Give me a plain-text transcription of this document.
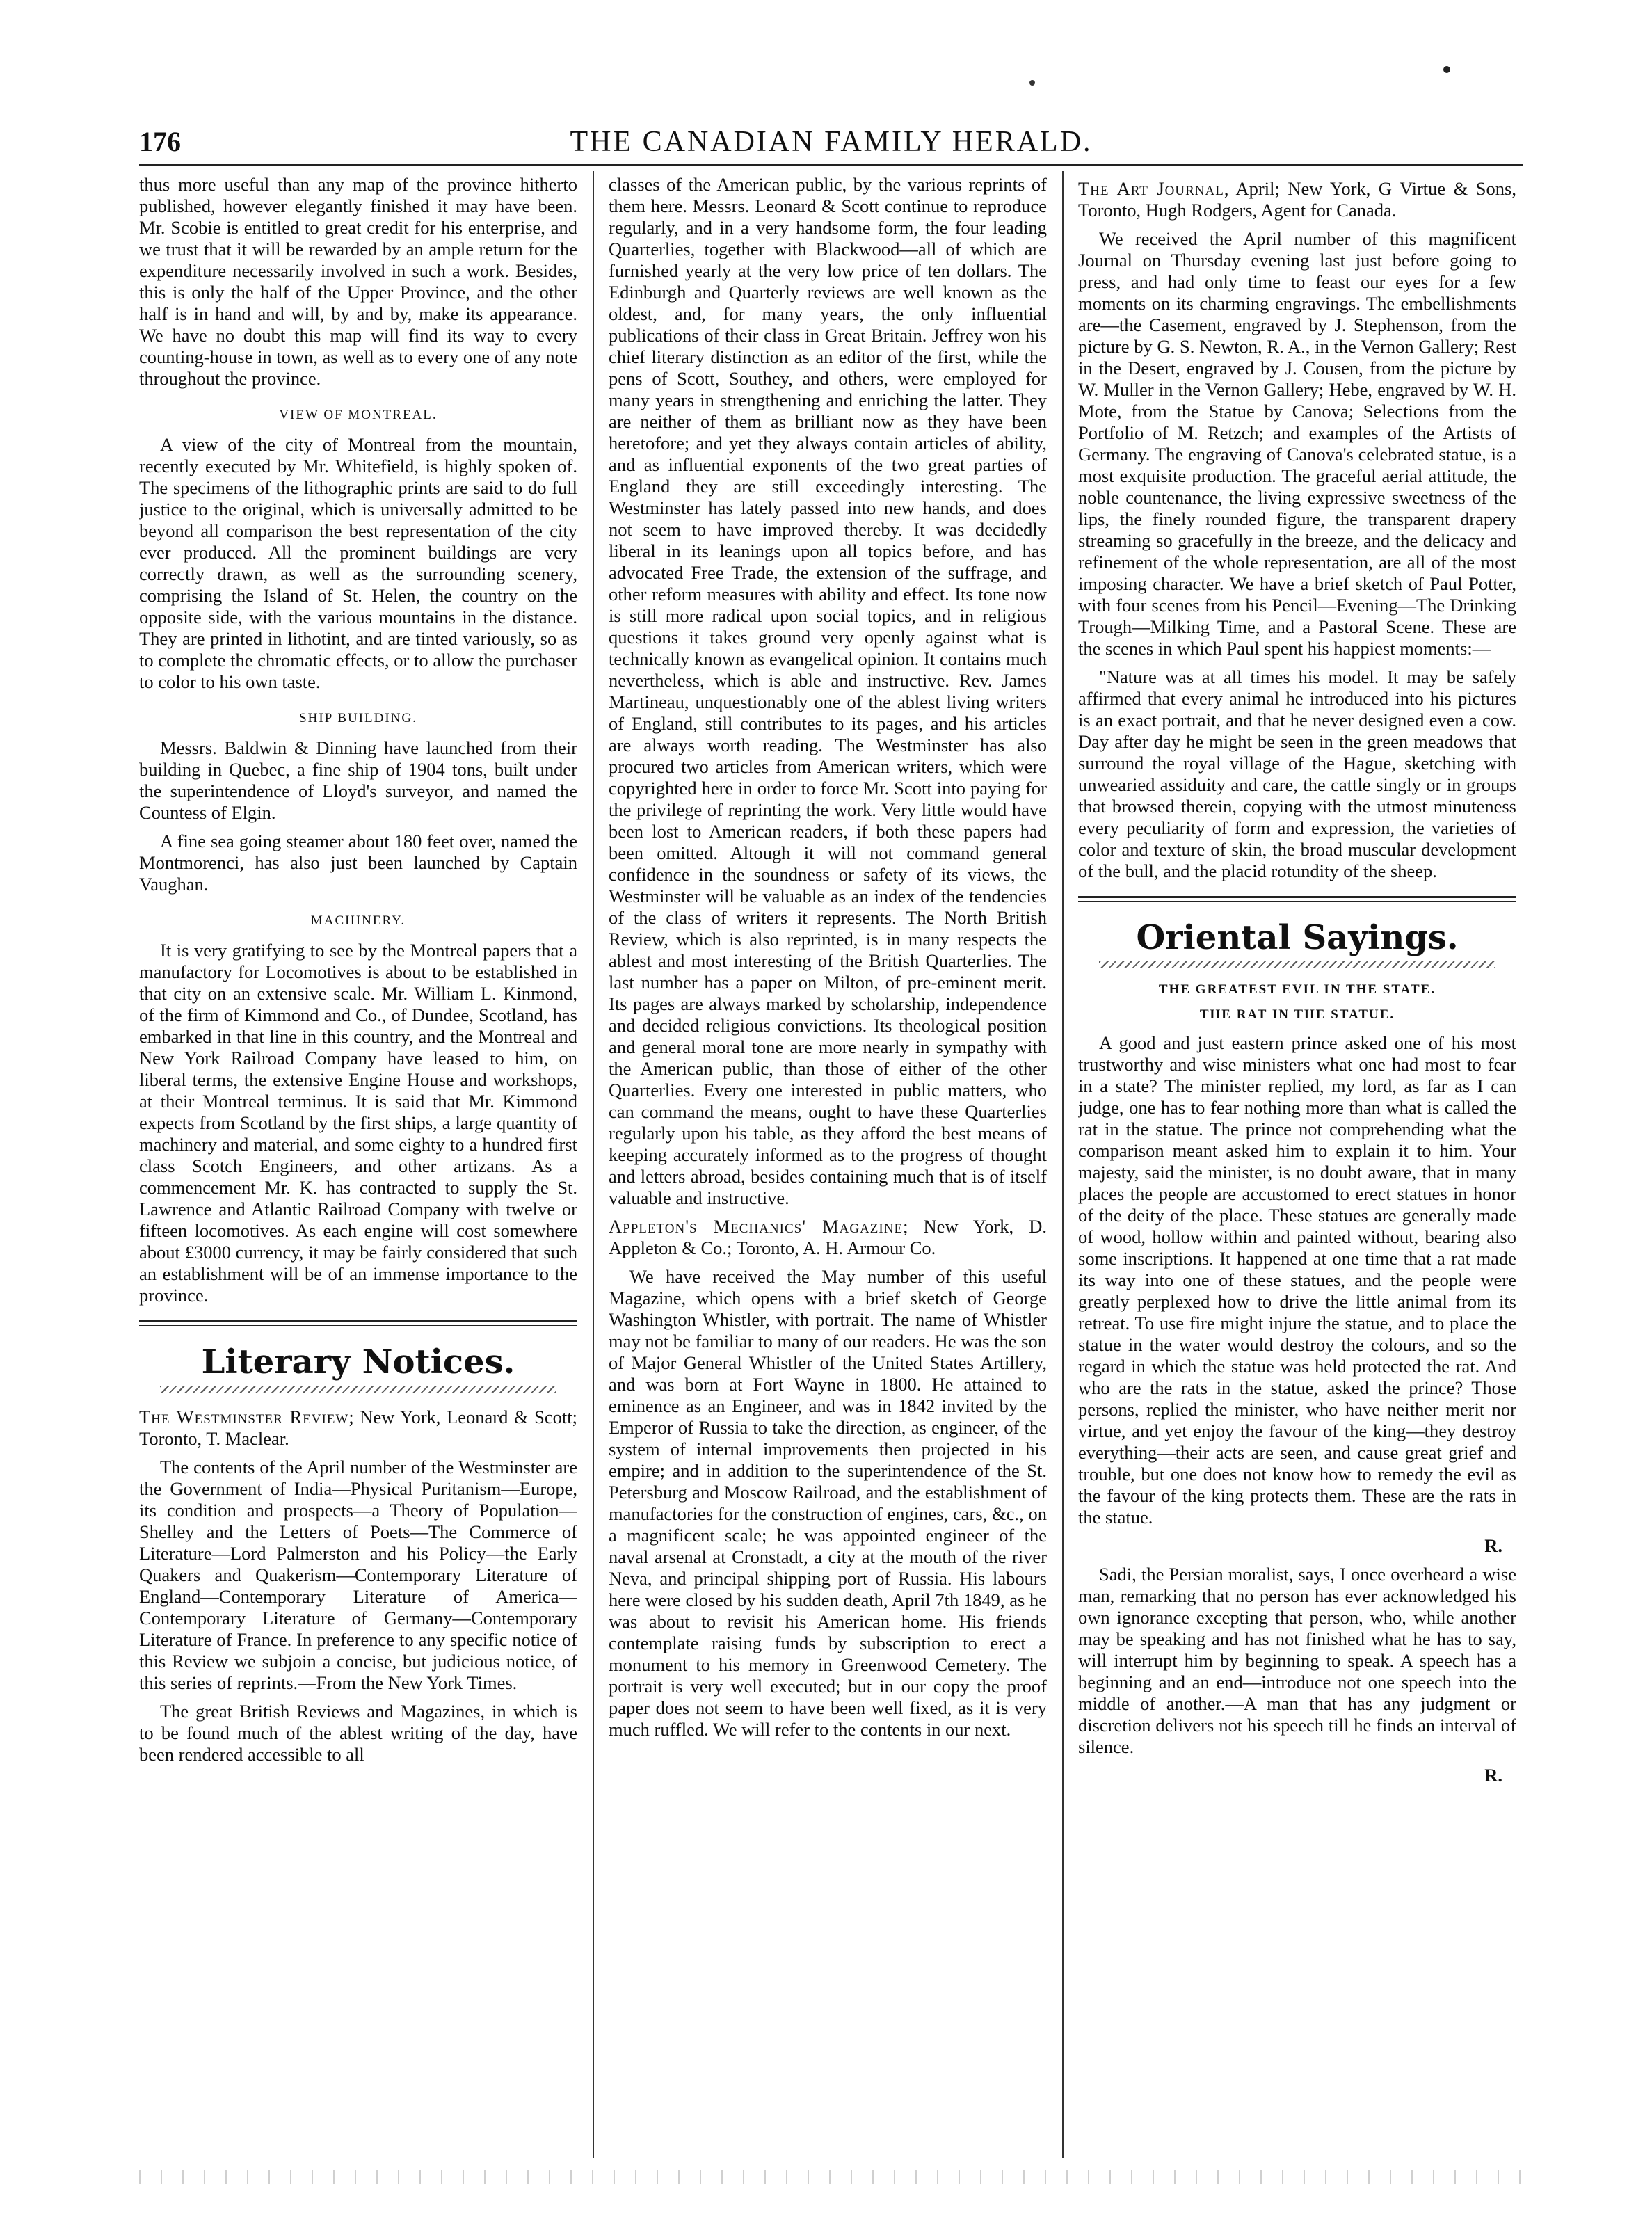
176	THE CANADIAN FAMILY HERALD.

thus more useful than any map of the province hitherto published, however elegantly finished it may have been. Mr. Scobie is entitled to great credit for his enterprise, and we trust that it will be rewarded by an ample return for the expenditure necessarily involved in such a work. Besides, this is only the half of the Upper Province, and the other half is in hand and will, by and by, make its appearance. We have no doubt this map will find its way to every counting-house in town, as well as to every one of any note throughout the province.

VIEW OF MONTREAL.

A view of the city of Montreal from the mountain, recently executed by Mr. Whitefield, is highly spoken of. The specimens of the lithographic prints are said to do full justice to the original, which is universally admitted to be beyond all comparison the best representation of the city ever produced. All the prominent buildings are very correctly drawn, as well as the surrounding scenery, comprising the Island of St. Helen, the country on the opposite side, with the various mountains in the distance. They are printed in lithotint, and are tinted variously, so as to complete the chromatic effects, or to allow the purchaser to color to his own taste.

SHIP BUILDING.

Messrs. Baldwin & Dinning have launched from their building in Quebec, a fine ship of 1904 tons, built under the superintendence of Lloyd's surveyor, and named the Countess of Elgin.

A fine sea going steamer about 180 feet over, named the Montmorenci, has also just been launched by Captain Vaughan.

MACHINERY.

It is very gratifying to see by the Montreal papers that a manufactory for Locomotives is about to be established in that city on an extensive scale. Mr. William L. Kinmond, of the firm of Kimmond and Co., of Dundee, Scotland, has embarked in that line in this country, and the Montreal and New York Railroad Company have leased to him, on liberal terms, the extensive Engine House and workshops, at their Montreal terminus. It is said that Mr. Kimmond expects from Scotland by the first ships, a large quantity of machinery and material, and some eighty to a hundred first class Scotch Engineers, and other artizans. As a commencement Mr. K. has contracted to supply the St. Lawrence and Atlantic Railroad Company with twelve or fifteen locomotives. As each engine will cost somewhere about £3000 currency, it may be fairly considered that such an establishment will be of an immense importance to the province.

Literary Notices.

The Westminster Review; New York, Leonard & Scott; Toronto, T. Maclear.

The contents of the April number of the Westminster are the Government of India—Physical Puritanism—Europe, its condition and prospects—a Theory of Population—Shelley and the Letters of Poets—The Commerce of Literature—Lord Palmerston and his Policy—the Early Quakers and Quakerism—Contemporary Literature of England—Contemporary Literature of America—Contemporary Literature of Germany—Contemporary Literature of France. In preference to any specific notice of this Review we subjoin a concise, but judicious notice, of this series of reprints.—From the New York Times.

The great British Reviews and Magazines, in which is to be found much of the ablest writing of the day, have been rendered accessible to all

classes of the American public, by the various reprints of them here. Messrs. Leonard & Scott continue to reproduce regularly, and in a very handsome form, the four leading Quarterlies, together with Blackwood—all of which are furnished yearly at the very low price of ten dollars. The Edinburgh and Quarterly reviews are well known as the oldest, and, for many years, the only influential publications of their class in Great Britain. Jeffrey won his chief literary distinction as an editor of the first, while the pens of Scott, Southey, and others, were employed for many years in strengthening and enriching the latter. They are neither of them as brilliant now as they have been heretofore; and yet they always contain articles of ability, and as influential exponents of the two great parties of England they are still exceedingly interesting. The Westminster has lately passed into new hands, and does not seem to have improved thereby. It was decidedly liberal in its leanings upon all topics before, and has advocated Free Trade, the extension of the suffrage, and other reform measures with ability and effect. Its tone now is still more radical upon social topics, and in religious questions it takes ground very openly against what is technically known as evangelical opinion. It contains much nevertheless, which is able and instructive. Rev. James Martineau, unquestionably one of the ablest living writers of England, still contributes to its pages, and his articles are always worth reading. The Westminster has also procured two articles from American writers, which were copyrighted here in order to force Mr. Scott into paying for the privilege of reprinting the work. Very little would have been lost to American readers, if both these papers had been omitted. Altough it will not command general confidence in the soundness or safety of its views, the Westminster will be valuable as an index of the tendencies of the class of writers it represents. The North British Review, which is also reprinted, is in many respects the ablest and most interesting of the British Quarterlies. The last number has a paper on Milton, of pre-eminent merit. Its pages are always marked by scholarship, independence and decided religious convictions. Its theological position and general moral tone are more nearly in sympathy with the American public, than those of either of the other Quarterlies. Every one interested in public matters, who can command the means, ought to have these Quarterlies regularly upon his table, as they afford the best means of keeping accurately informed as to the progress of thought and letters abroad, besides containing much that is of itself valuable and instructive.

Appleton's Mechanics' Magazine; New York, D. Appleton & Co.; Toronto, A. H. Armour Co.

We have received the May number of this useful Magazine, which opens with a brief sketch of George Washington Whistler, with portrait. The name of Whistler may not be familiar to many of our readers. He was the son of Major General Whistler of the United States Artillery, and was born at Fort Wayne in 1800. He attained to eminence as an Engineer, and was in 1842 invited by the Emperor of Russia to take the direction, as engineer, of the system of internal improvements then projected in his empire; and in addition to the superintendence of the St. Petersburg and Moscow Railroad, and the establishment of manufactories for the construction of engines, cars, &c., on a magnificent scale; he was appointed engineer of the naval arsenal at Cronstadt, a city at the mouth of the river Neva, and principal shipping port of Russia. His labours here were closed by his sudden death, April 7th 1849, as he was about to revisit his American home. His friends contemplate raising funds by subscription to erect a monument to his memory in Greenwood Cemetery. The portrait is very well executed; but in our copy the proof paper does not seem to have been well fixed, as it is very much ruffled. We will refer to the contents in our next.

The Art Journal, April; New York, G Virtue & Sons, Toronto, Hugh Rodgers, Agent for Canada.

We received the April number of this magnificent Journal on Thursday evening last just before going to press, and had only time to feast our eyes for a few moments on its charming engravings. The embellishments are—the Casement, engraved by J. Stephenson, from the picture by G. S. Newton, R. A., in the Vernon Gallery; Rest in the Desert, engraved by J. Cousen, from the picture by W. Muller in the Vernon Gallery; Hebe, engraved by W. H. Mote, from the Statue by Canova; Selections from the Portfolio of M. Retzch; and examples of the Artists of Germany. The engraving of Canova's celebrated statue, is a most exquisite production. The graceful aerial attitude, the noble countenance, the living expressive sweetness of the lips, the finely rounded figure, the transparent drapery streaming so gracefully in the breeze, and the delicacy and refinement of the whole representation, are all of the most imposing character. We have a brief sketch of Paul Potter, with four scenes from his Pencil—Evening—The Drinking Trough—Milking Time, and a Pastoral Scene. These are the scenes in which Paul spent his happiest moments:—

"Nature was at all times his model. It may be safely affirmed that every animal he introduced into his pictures is an exact portrait, and that he never designed even a cow. Day after day he might be seen in the green meadows that surround the royal village of the Hague, sketching with unwearied assiduity and care, the cattle singly or in groups that browsed therein, copying with the utmost minuteness every peculiarity of form and expression, the varieties of color and texture of skin, the broad muscular development of the bull, and the placid rotundity of the sheep.

Oriental Sayings.
THE GREATEST EVIL IN THE STATE.
THE RAT IN THE STATUE.

A good and just eastern prince asked one of his most trustworthy and wise ministers what one had most to fear in a state? The minister replied, my lord, as far as I can judge, one has to fear nothing more than what is called the rat in the statue. The prince not comprehending what the comparison meant asked him to explain it to him. Your majesty, said the minister, is no doubt aware, that in many places the people are accustomed to erect statues in honor of the deity of the place. These statues are generally made of wood, hollow within and painted without, bearing also some inscriptions. It happened at one time that a rat made its way into one of these statues, and the people were greatly perplexed how to drive the little animal from its retreat. To use fire might injure the statue, and to place the statue in the water would destroy the colours, and so the regard in which the statue was held protected the rat. And who are the rats in the statue, asked the prince? Those persons, replied the minister, who have neither merit nor virtue, and yet enjoy the favour of the king—they destroy everything—their acts are seen, and cause great grief and trouble, but one does not know how to remedy the evil as the favour of the king protects them. These are the rats in the statue.

R.

Sadi, the Persian moralist, says, I once overheard a wise man, remarking that no person has ever acknowledged his own ignorance excepting that person, who, while another may be speaking and has not finished what he has to say, will interrupt him by beginning to speak. A speech has a beginning and an end—introduce not one speech into the middle of another.—A man that has any judgment or discretion delivers not his speech till he finds an interval of silence.

R.
